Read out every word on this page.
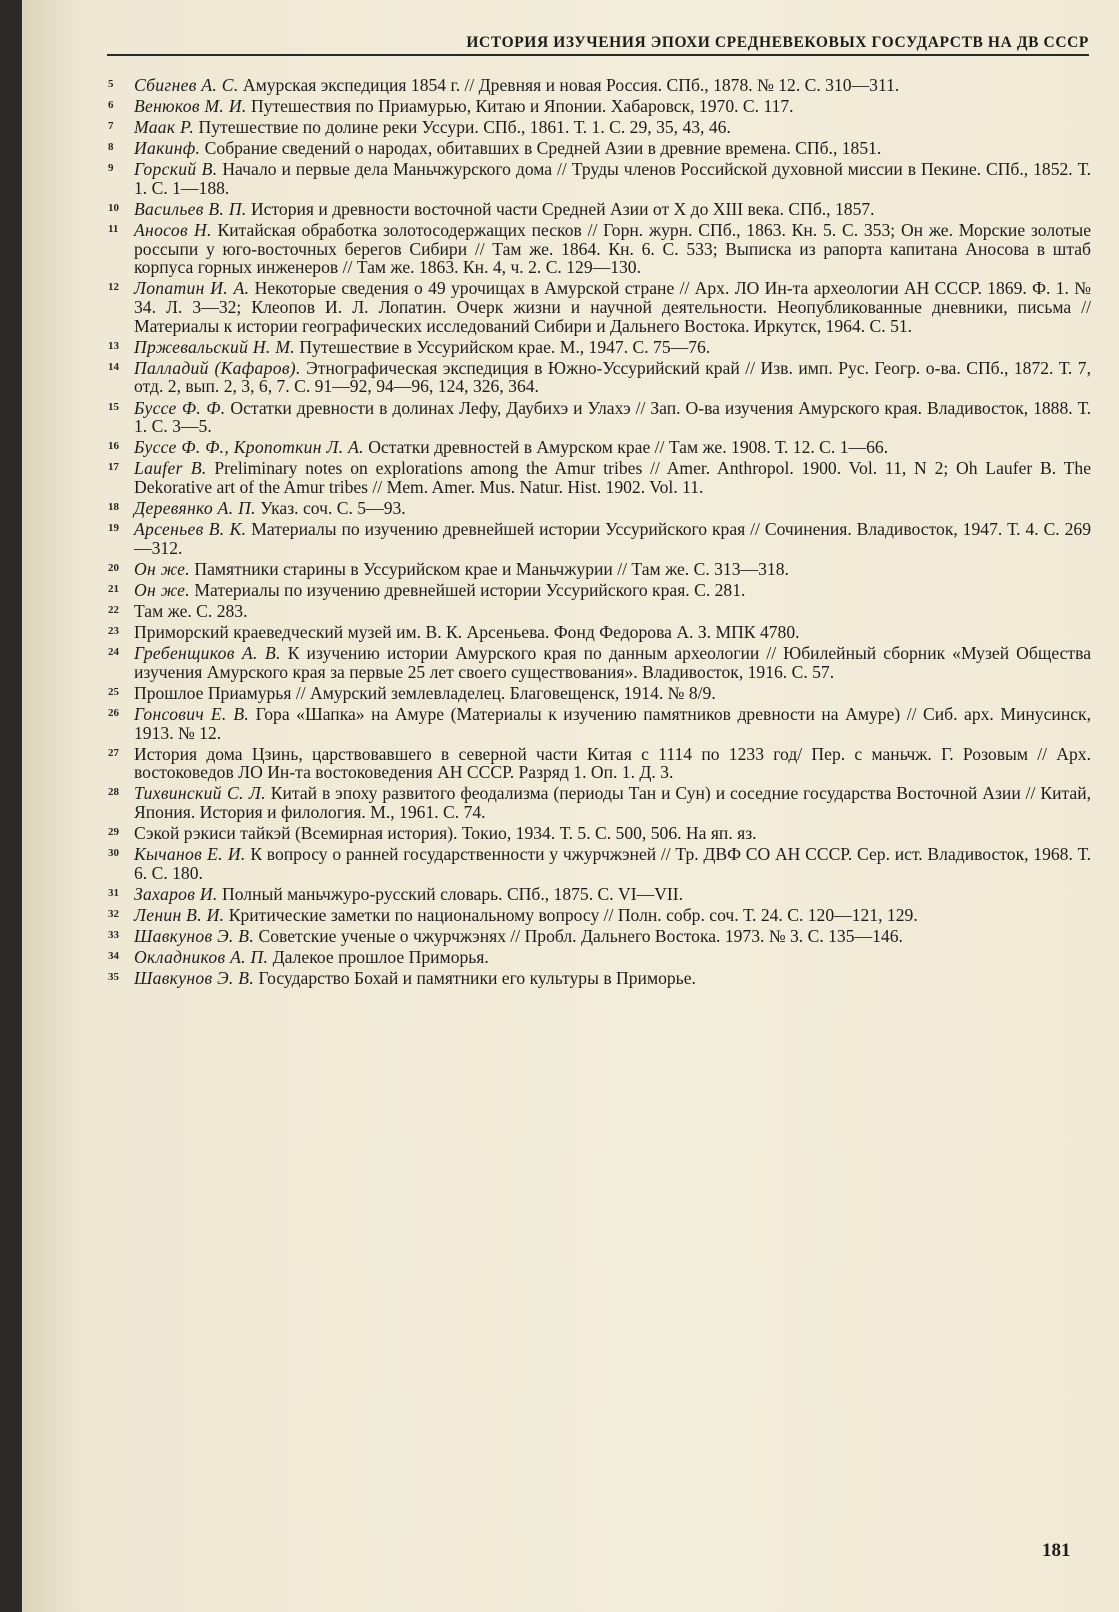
ИСТОРИЯ ИЗУЧЕНИЯ ЭПОХИ СРЕДНЕВЕКОВЫХ ГОСУДАРСТВ НА ДВ СССР
5	Сбигнев А. С. Амурская экспедиция 1854 г. // Древняя и новая Россия. СПб., 1878. № 12. С. 310—311.
6	Венюков М. И. Путешествия по Приамурью, Китаю и Японии. Хабаровск, 1970. С. 117.
7	Маак Р. Путешествие по долине реки Уссури. СПб., 1861. Т. 1. С. 29, 35, 43, 46.
8	Иакинф. Собрание сведений о народах, обитавших в Средней Азии в древние времена. СПб., 1851.
9	Горский В. Начало и первые дела Маньчжурского дома // Труды членов Российской духовной миссии в Пекине. СПб., 1852. Т. 1. С. 1—188.
10 Васильев В. П. История и древности восточной части Средней Азии от X до XIII века. СПб., 1857.
11 Аносов Н. Китайская обработка золотосодержащих песков // Горн. журн. СПб., 1863. Кн. 5. С. 353; Он же. Морские золотые россыпи у юго-восточных берегов Сибири // Там же. 1864. Кн. 6. С. 533; Выписка из рапорта капитана Аносова в штаб корпуса горных инженеров // Там же. 1863. Кн. 4, ч. 2. С. 129—130.
12 Лопатин И. А. Некоторые сведения о 49 урочищах в Амурской стране // Арх. ЛО Ин-та археологии АН СССР. 1869. Ф. 1. № 34. Л. 3—32; Клеопов И. Л. Лопатин. Очерк жизни и научной деятельности. Неопубликованные дневники, письма // Материалы к истории географических исследований Сибири и Дальнего Востока. Иркутск, 1964. С. 51.
13 Пржевальский Н. М. Путешествие в Уссурийском крае. М., 1947. С. 75—76.
14 Палладий (Кафаров). Этнографическая экспедиция в Южно-Уссурийский край // Изв. имп. Рус. Геогр. о-ва. СПб., 1872. Т. 7, отд. 2, вып. 2, 3, 6, 7. С. 91—92, 94—96, 124, 326, 364.
15 Буссе Ф. Ф. Остатки древности в долинах Лефу, Даубихэ и Улахэ // Зап. О-ва изучения Амурского края. Владивосток, 1888. Т. 1. С. 3—5.
16 Буссе Ф. Ф., Кропоткин Л. А. Остатки древностей в Амурском крае // Там же. 1908. Т. 12. С. 1—66.
17 Laufer B. Preliminary notes on explorations among the Amur tribes // Amer. Anthropol. 1900. Vol. 11, N 2; Oh Laufer B. The Dekorative art of the Amur tribes // Mem. Amer. Mus. Natur. Hist. 1902. Vol. 11.
18 Деревянко А. П. Указ. соч. С. 5—93.
19 Арсеньев В. К. Материалы по изучению древнейшей истории Уссурийского края // Сочинения. Владивосток, 1947. Т. 4. С. 269—312.
20 Он же. Памятники старины в Уссурийском крае и Маньчжурии // Там же. С. 313—318.
21 Он же. Материалы по изучению древнейшей истории Уссурийского края. С. 281.
22 Там же. С. 283.
23 Приморский краеведческий музей им. В. К. Арсеньева. Фонд Федорова А. З. МПК 4780.
24 Гребенщиков А. В. К изучению истории Амурского края по данным археологии // Юбилейный сборник «Музей Общества изучения Амурского края за первые 25 лет своего существования». Владивосток, 1916. С. 57.
25 Прошлое Приамурья // Амурский землевладелец. Благовещенск, 1914. № 8/9.
26 Гонсович Е. В. Гора «Шапка» на Амуре (Материалы к изучению памятников древности на Амуре) // Сиб. арх. Минусинск, 1913. № 12.
27 История дома Цзинь, царствовавшего в северной части Китая с 1114 по 1233 год/ Пер. с маньчж. Г. Розовым // Арх. востоковедов ЛО Ин-та востоковедения АН СССР. Разряд 1. Оп. 1. Д. 3.
28 Тихвинский С. Л. Китай в эпоху развитого феодализма (периоды Тан и Сун) и соседние государства Восточной Азии // Китай, Япония. История и филология. М., 1961. С. 74.
29 Сэкой рэкиси тайкэй (Всемирная история). Токио, 1934. Т. 5. С. 500, 506. На яп. яз.
30 Кычанов Е. И. К вопросу о ранней государственности у чжурчжэней // Тр. ДВФ СО АН СССР. Сер. ист. Владивосток, 1968. Т. 6. С. 180.
31 Захаров И. Полный маньчжуро-русский словарь. СПб., 1875. С. VI—VII.
32 Ленин В. И. Критические заметки по национальному вопросу // Полн. собр. соч. Т. 24. С. 120—121, 129.
33 Шавкунов Э. В. Советские ученые о чжурчжэнях // Пробл. Дальнего Востока. 1973. № 3. С. 135—146.
34 Окладников А. П. Далекое прошлое Приморья.
35 Шавкунов Э. В. Государство Бохай и памятники его культуры в Приморье.
181
